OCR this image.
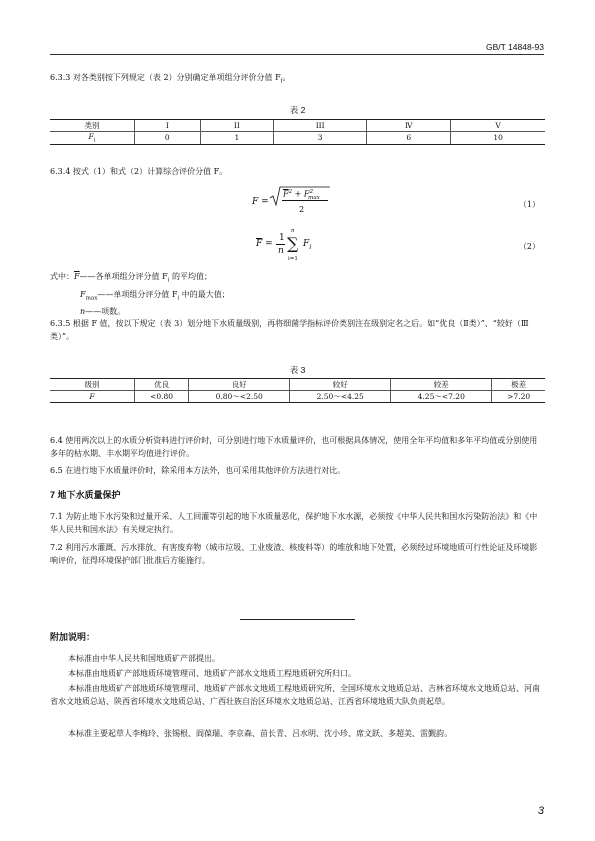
GB/T 14848-93
6.3.3 对各类别按下列规定（表 2）分别确定单项组分评价分值 $F_i$。
表 2
类别	I	II	III	Ⅳ	Ⅴ
$F_i$	0	1	3	6	10
6.3.4 按式（1）和式（2）计算综合评价分值 F。
F =
$\overline{F}^2 + F^2_{max}$
2
（1）
$\overline{F}$ =
1
n
n
∑
i=1
$F_i$	（2）
式中：$\overline{F}——$各单项组分评分值 $F_i$ 的平均值；
$F_{max}——$单项组分评分值 $F_i$ 中的最大值；
n——项数。
6.3.5 根据 F 值，按以下规定（表 3）划分地下水质量级别，再将细菌学指标评价类别注在级别定名之后。如“优良（Ⅱ类）”、“较好（Ⅲ类）”。
表 3
级别	优良	良好	较好	较差	极差
F	<0.80	0.80～<2.50	2.50～<4.25	4.25～<7.20	>7.20
6.4 使用两次以上的水质分析资料进行评价时，可分别进行地下水质量评价，也可根据具体情况，使用全年平均值和多年平均值或分别使用多年的枯水期、丰水期平均值进行评价。
6.5 在进行地下水质量评价时，除采用本方法外，也可采用其他评价方法进行对比。
7 地下水质量保护
7.1 为防止地下水污染和过量开采、人工回灌等引起的地下水质量恶化，保护地下水水源，必须按《中华人民共和国水污染防治法》和《中华人民共和国水法》有关规定执行。
7.2 利用污水灌溉、污水排放、有害废弃物（城市垃圾、工业废渣、核废料等）的堆放和地下处置，必须经过环境地质可行性论证及环境影响评价，征得环境保护部门批准后方能施行。
附加说明：
本标准由中华人民共和国地质矿产部提出。
本标准由地质矿产部地质环境管理司、地质矿产部水文地质工程地质研究所归口。
本标准由地质矿产部地质环境管理司、地质矿产部水文地质工程地质研究所、全国环境水文地质总站、吉林省环境水文地质总站、河南省水文地质总站、陕西省环境水文地质总站、广西壮族自治区环境水文地质总站、江西省环境地质大队负责起草。
本标准主要起草人李梅玲、张锡根、阎葆瑞、李京森、苗长青、吕水明、沈小珍、席文跃、多超美、雷觐韵。
3
